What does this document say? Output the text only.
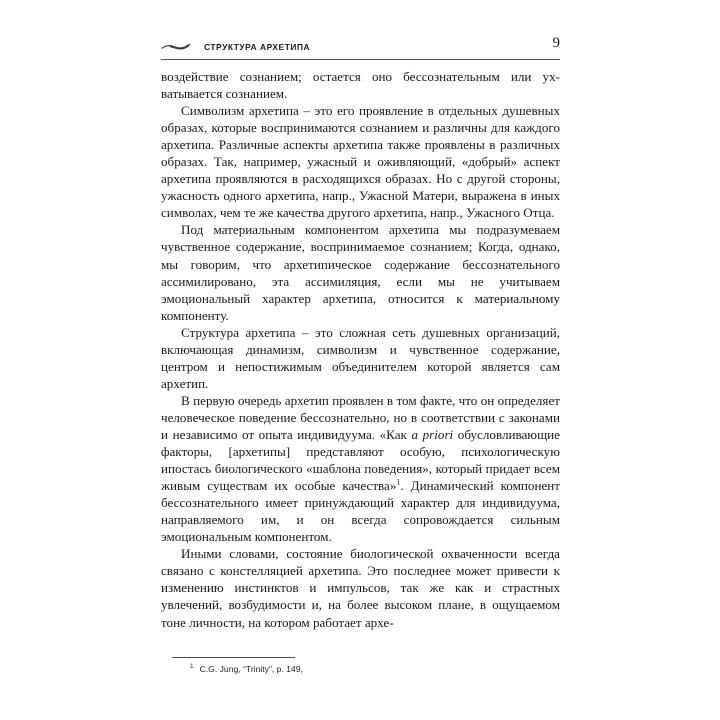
СТРУКТУРА АРХЕТИПА	9

воздействие сознанием; остается оно бессознательным или ухватывается сознанием.

Символизм архетипа – это его проявление в отдельных душевных образах, которые воспринимаются сознанием и различны для каждого архетипа. Различные аспекты архетипа также проявлены в различных образах. Так, например, ужасный и оживляющий, «добрый» аспект архетипа проявляются в расходящихся образах. Но с другой стороны, ужасность одного архетипа, напр., Ужасной Матери, выражена в иных символах, чем те же качества другого архетипа, напр., Ужасного Отца.

Под материальным компонентом архетипа мы подразумеваем чувственное содержание, воспринимаемое сознанием; Когда, однако, мы говорим, что архетипическое содержание бессознательного ассимилировано, эта ассимиляция, если мы не учитываем эмоциональный характер архетипа, относится к материальному компоненту.

Структура архетипа – это сложная сеть душевных организаций, включающая динамизм, символизм и чувственное содержание, центром и непостижимым объединителем которой является сам архетип.

В первую очередь архетип проявлен в том факте, что он определяет человеческое поведение бессознательно, но в соответствии с законами и независимо от опыта индивидуума. «Как a priori обусловливающие факторы, [архетипы] представляют особую, психологическую ипостась биологического «шаблона поведения», который придает всем живым существам их особые качества»$^1$. Динамический компонент бессознательного имеет принуждающий характер для индивидуума, направляемого им, и он всегда сопровождается сильным эмоциональным компонентом.

Иными словами, состояние биологической охваченности всегда связано с констелляцией архетипа. Это последнее может привести к изменению инстинктов и импульсов, так же как и страстных увлечений, возбудимости и, на более высоком плане, в ощущаемом тоне личности, на котором работает архе-

$^1$ C.G. Jung, “Trinity”, p. 149,
